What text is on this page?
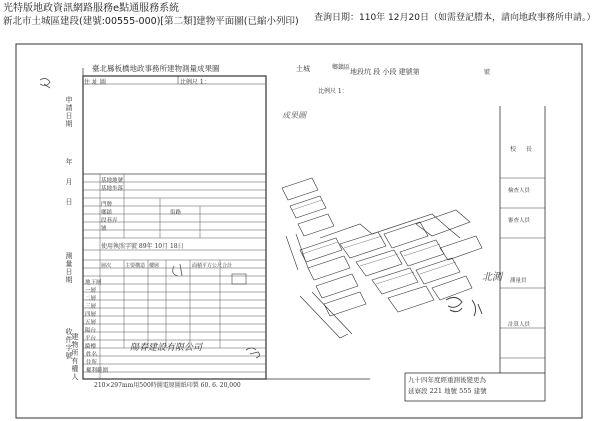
光特版地政資訊網路服務e點通服務系統
新北市土城區建段(建號:00555-000)[第二類]建物平面圖(已縮小列印) 查詢日期：110年 12月20日（如需登記謄本，請向地政事務所申請。）
臺北縣板橋地政事務所建物測量成果圖
住 址 圖	比例尺 1：
土城	鄉鎮區
地段坑 段 小段 建號第	號
比例尺 1：
成果圖
申請日期
年
月
日
測量日期
收件字號
基地地號
基地坐落
門牌
鄉鎮	街路
段巷弄
號
使用執照字號 89年 10月 18日
層次	主要構造 樓層	面積平方公尺 合計
地下層
一層
二層
三層
四層
五層
陽台
平台
騎樓
建物所有權人 姓名
住所
陽春建設有限公司
權利範圍
210×297mm用500時圖電原圖紙印製 60. 6. 20,000
校 長
檢查人員
審查人員
測量員
計算人員
北測
九十四年度經重測後變更為
延寮段 221 地號 555 建號
